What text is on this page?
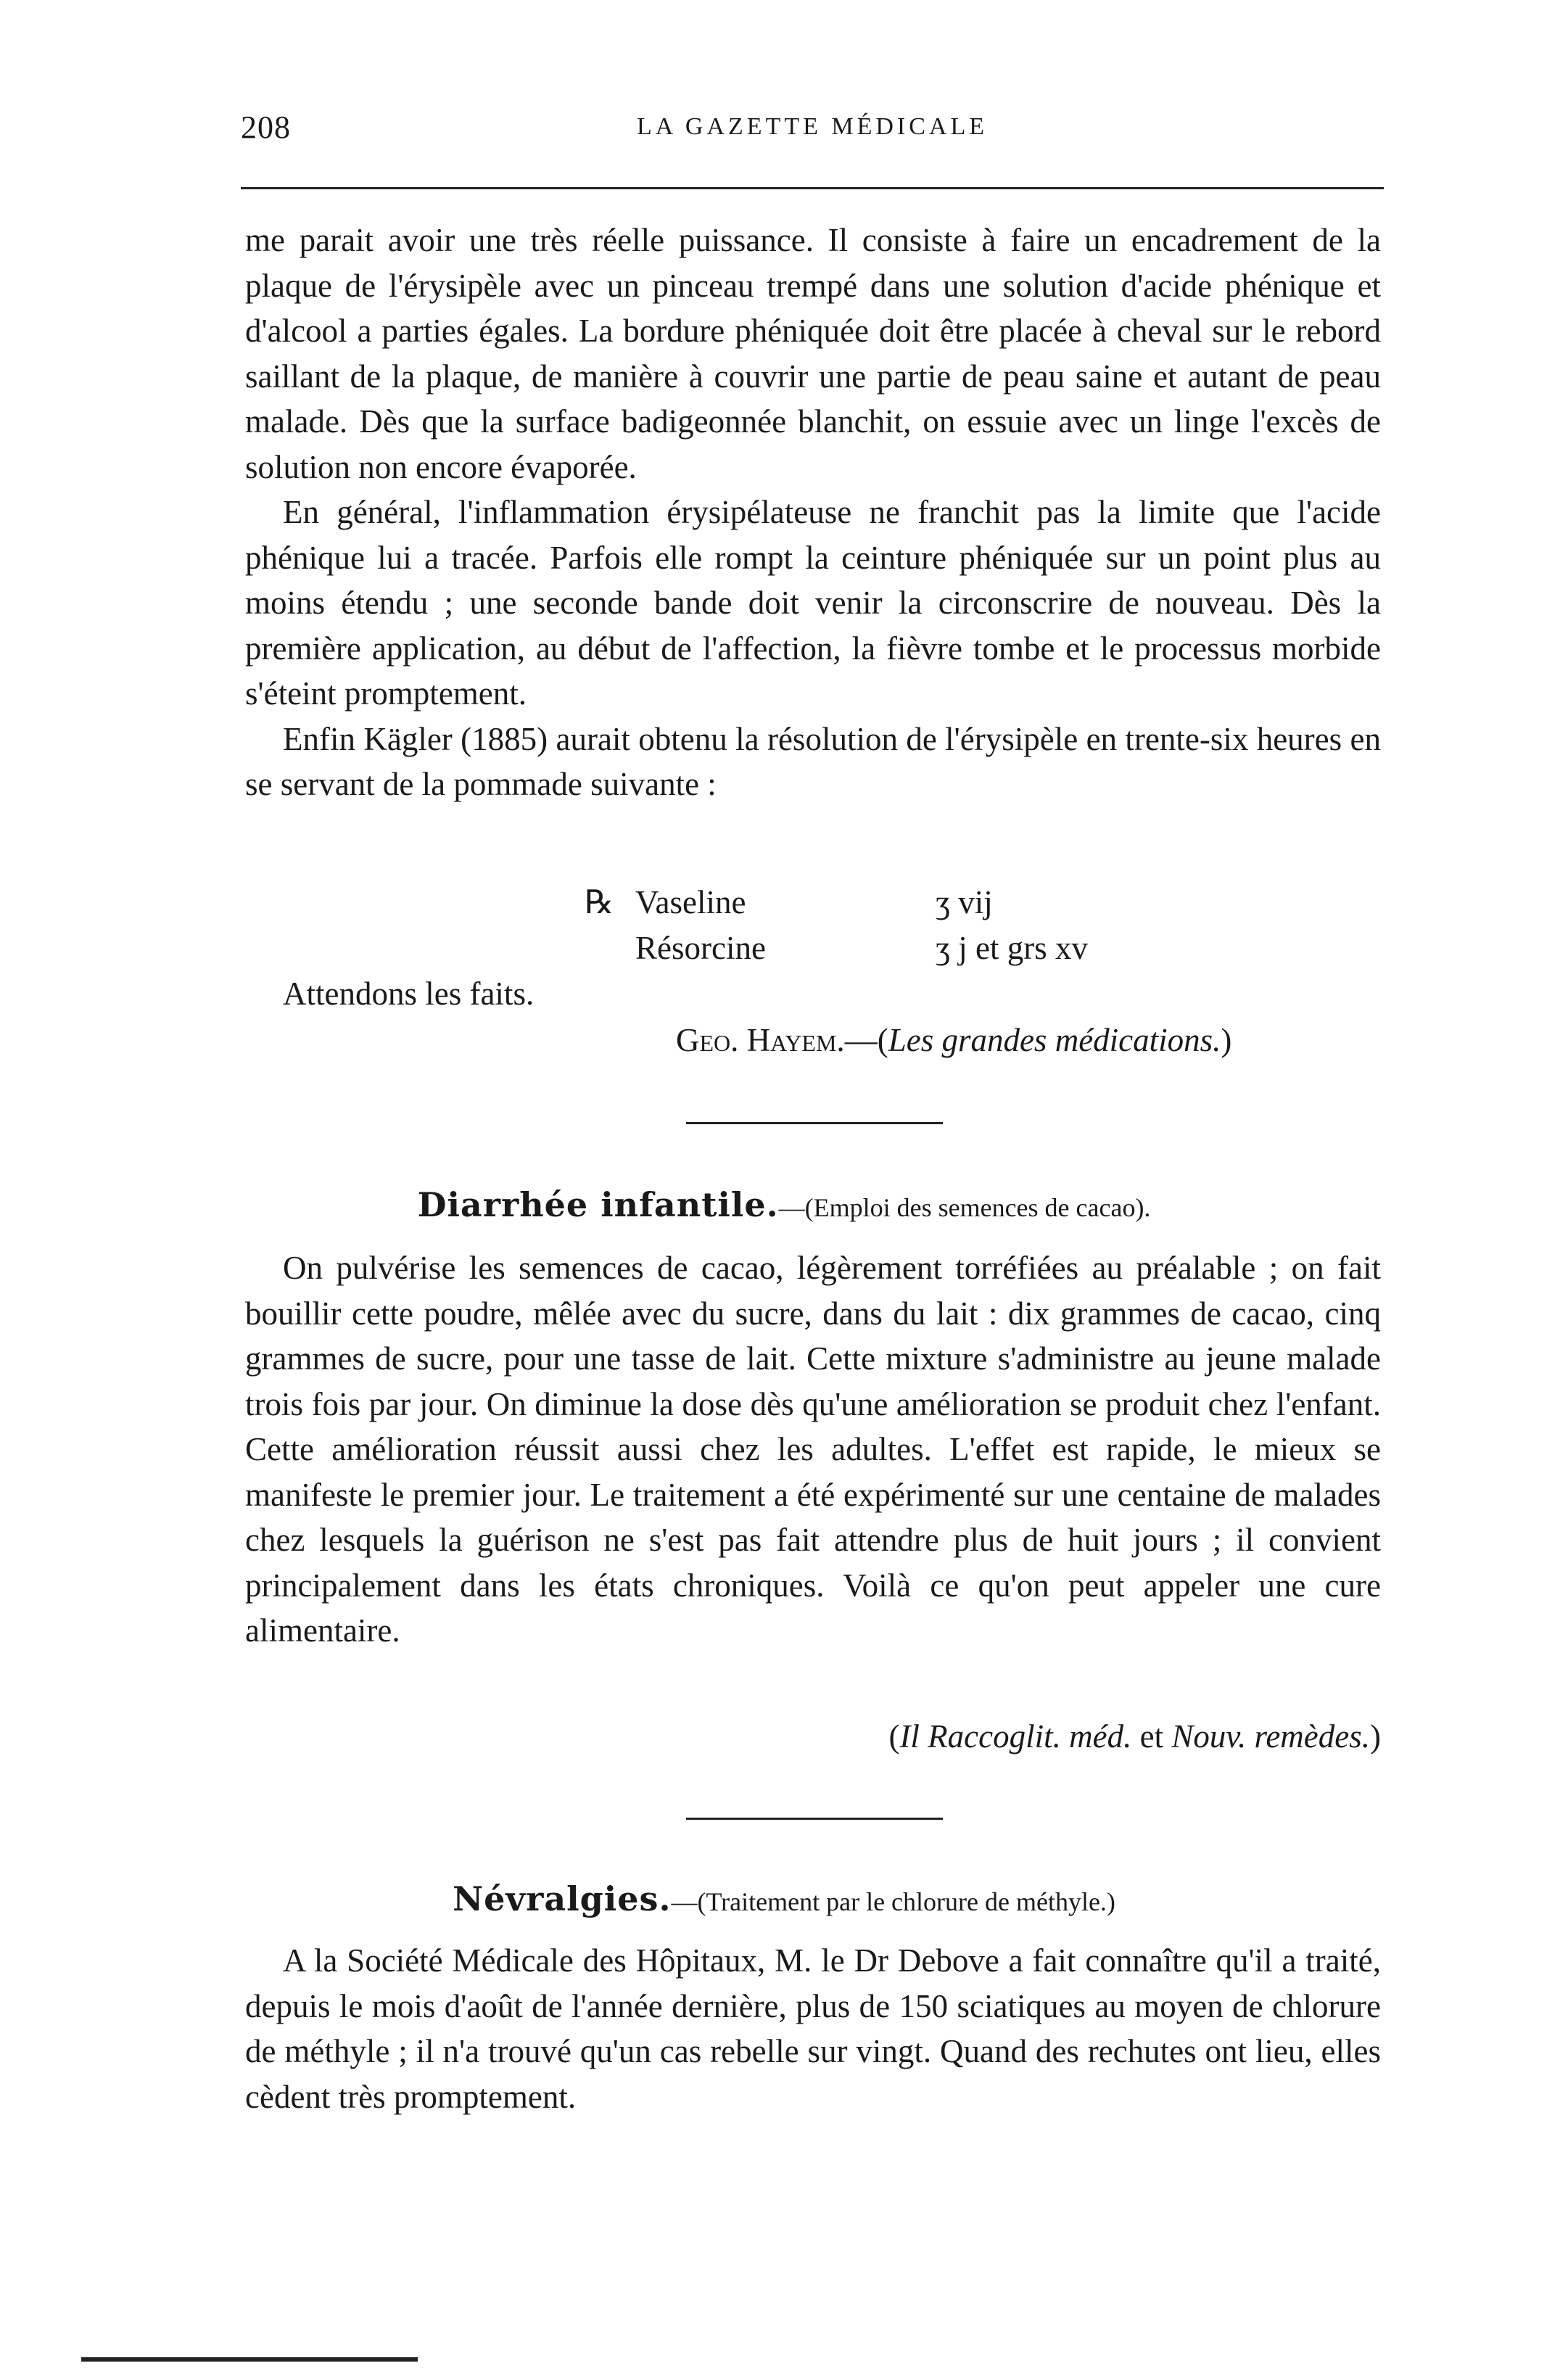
208	LA GAZETTE MÉDICALE

me parait avoir une très réelle puissance. Il consiste à faire un encadrement de la plaque de l'érysipèle avec un pinceau trempé dans une solution d'acide phénique et d'alcool a parties égales. La bordure phéniquée doit être placée à cheval sur le rebord saillant de la plaque, de manière à couvrir une partie de peau saine et autant de peau malade. Dès que la surface badigeonnée blanchit, on essuie avec un linge l'excès de solution non encore évaporée.

En général, l'inflammation érysipélateuse ne franchit pas la limite que l'acide phénique lui a tracée. Parfois elle rompt la ceinture phéniquée sur un point plus au moins étendu ; une seconde bande doit venir la circonscrire de nouveau. Dès la première application, au début de l'affection, la fièvre tombe et le processus morbide s'éteint promptement.

Enfin Kägler (1885) aurait obtenu la résolution de l'érysipèle en trente-six heures en se servant de la pommade suivante :

℞ Vaseline	ʒ vij
Résorcine	ʒ j et grs xv
Attendons les faits.
Geo. Hayem.—(Les grandes médications.)
Diarrhée infantile.—(Emploi des semences de cacao).

On pulvérise les semences de cacao, légèrement torréfiées au préalable ; on fait bouillir cette poudre, mêlée avec du sucre, dans du lait : dix grammes de cacao, cinq grammes de sucre, pour une tasse de lait. Cette mixture s'administre au jeune malade trois fois par jour. On diminue la dose dès qu'une amélioration se produit chez l'enfant. Cette amélioration réussit aussi chez les adultes. L'effet est rapide, le mieux se manifeste le premier jour. Le traitement a été expérimenté sur une centaine de malades chez lesquels la guérison ne s'est pas fait attendre plus de huit jours ; il convient principalement dans les états chroniques. Voilà ce qu'on peut appeler une cure alimentaire.

(Il Raccoglit. méd. et Nouv. remèdes.)
Névralgies.—(Traitement par le chlorure de méthyle.)

A la Société Médicale des Hôpitaux, M. le Dr Debove a fait connaître qu'il a traité, depuis le mois d'août de l'année dernière, plus de 150 sciatiques au moyen de chlorure de méthyle ; il n'a trouvé qu'un cas rebelle sur vingt. Quand des rechutes ont lieu, elles cèdent très promptement.
